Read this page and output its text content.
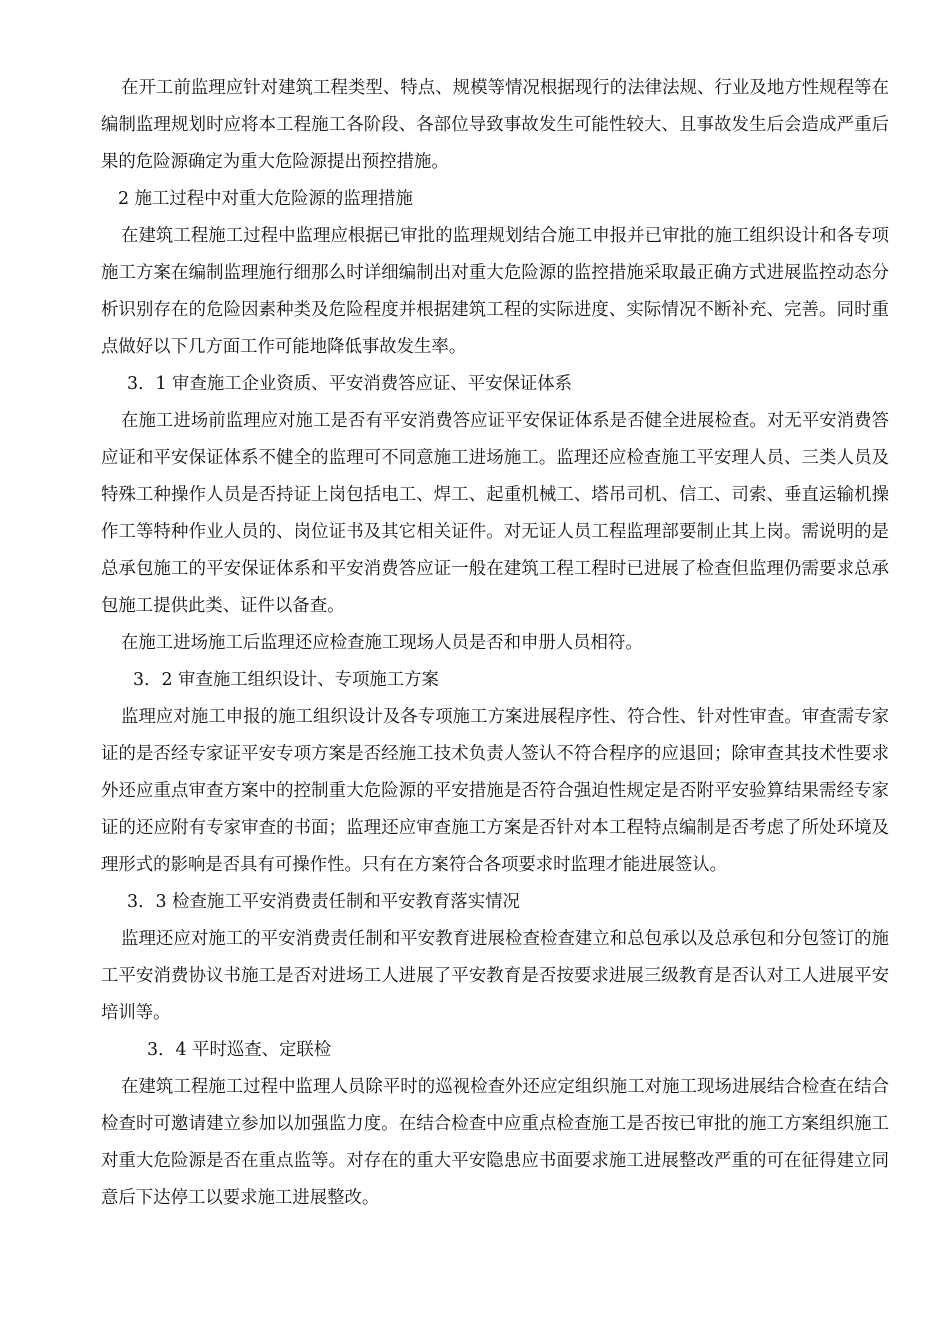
在开工前监理应针对建筑工程类型、特点、规模等情况根据现行的法律法规、行业及地方性规程等在编制监理规划时应将本工程施工各阶段、各部位导致事故发生可能性较大、且事故发生后会造成严重后果的危险源确定为重大危险源提出预控措施。

2 施工过程中对重大危险源的监理措施

在建筑工程施工过程中监理应根据已审批的监理规划结合施工申报并已审批的施工组织设计和各专项施工方案在编制监理施行细那么时详细编制出对重大危险源的监控措施采取最正确方式进展监控动态分析识别存在的危险因素种类及危险程度并根据建筑工程的实际进度、实际情况不断补充、完善。同时重点做好以下几方面工作可能地降低事故发生率。

3．1 审查施工企业资质、平安消费答应证、平安保证体系

在施工进场前监理应对施工是否有平安消费答应证平安保证体系是否健全进展检查。对无平安消费答应证和平安保证体系不健全的监理可不同意施工进场施工。监理还应检查施工平安理人员、三类人员及特殊工种操作人员是否持证上岗包括电工、焊工、起重机械工、塔吊司机、信工、司索、垂直运输机操作工等特种作业人员的、岗位证书及其它相关证件。对无证人员工程监理部要制止其上岗。需说明的是总承包施工的平安保证体系和平安消费答应证一般在建筑工程工程时已进展了检查但监理仍需要求总承包施工提供此类、证件以备查。

在施工进场施工后监理还应检查施工现场人员是否和申册人员相符。

3．2 审查施工组织设计、专项施工方案

监理应对施工申报的施工组织设计及各专项施工方案进展程序性、符合性、针对性审查。审查需专家证的是否经专家证平安专项方案是否经施工技术负责人签认不符合程序的应退回；除审查其技术性要求外还应重点审查方案中的控制重大危险源的平安措施是否符合强迫性规定是否附平安验算结果需经专家证的还应附有专家审查的书面；监理还应审查施工方案是否针对本工程特点编制是否考虑了所处环境及理形式的影响是否具有可操作性。只有在方案符合各项要求时监理才能进展签认。

3．3 检查施工平安消费责任制和平安教育落实情况

监理还应对施工的平安消费责任制和平安教育进展检查检查建立和总包承以及总承包和分包签订的施工平安消费协议书施工是否对进场工人进展了平安教育是否按要求进展三级教育是否认对工人进展平安培训等。

3．4 平时巡查、定联检

在建筑工程施工过程中监理人员除平时的巡视检查外还应定组织施工对施工现场进展结合检查在结合检查时可邀请建立参加以加强监力度。在结合检查中应重点检查施工是否按已审批的施工方案组织施工对重大危险源是否在重点监等。对存在的重大平安隐患应书面要求施工进展整改严重的可在征得建立同意后下达停工以要求施工进展整改。
